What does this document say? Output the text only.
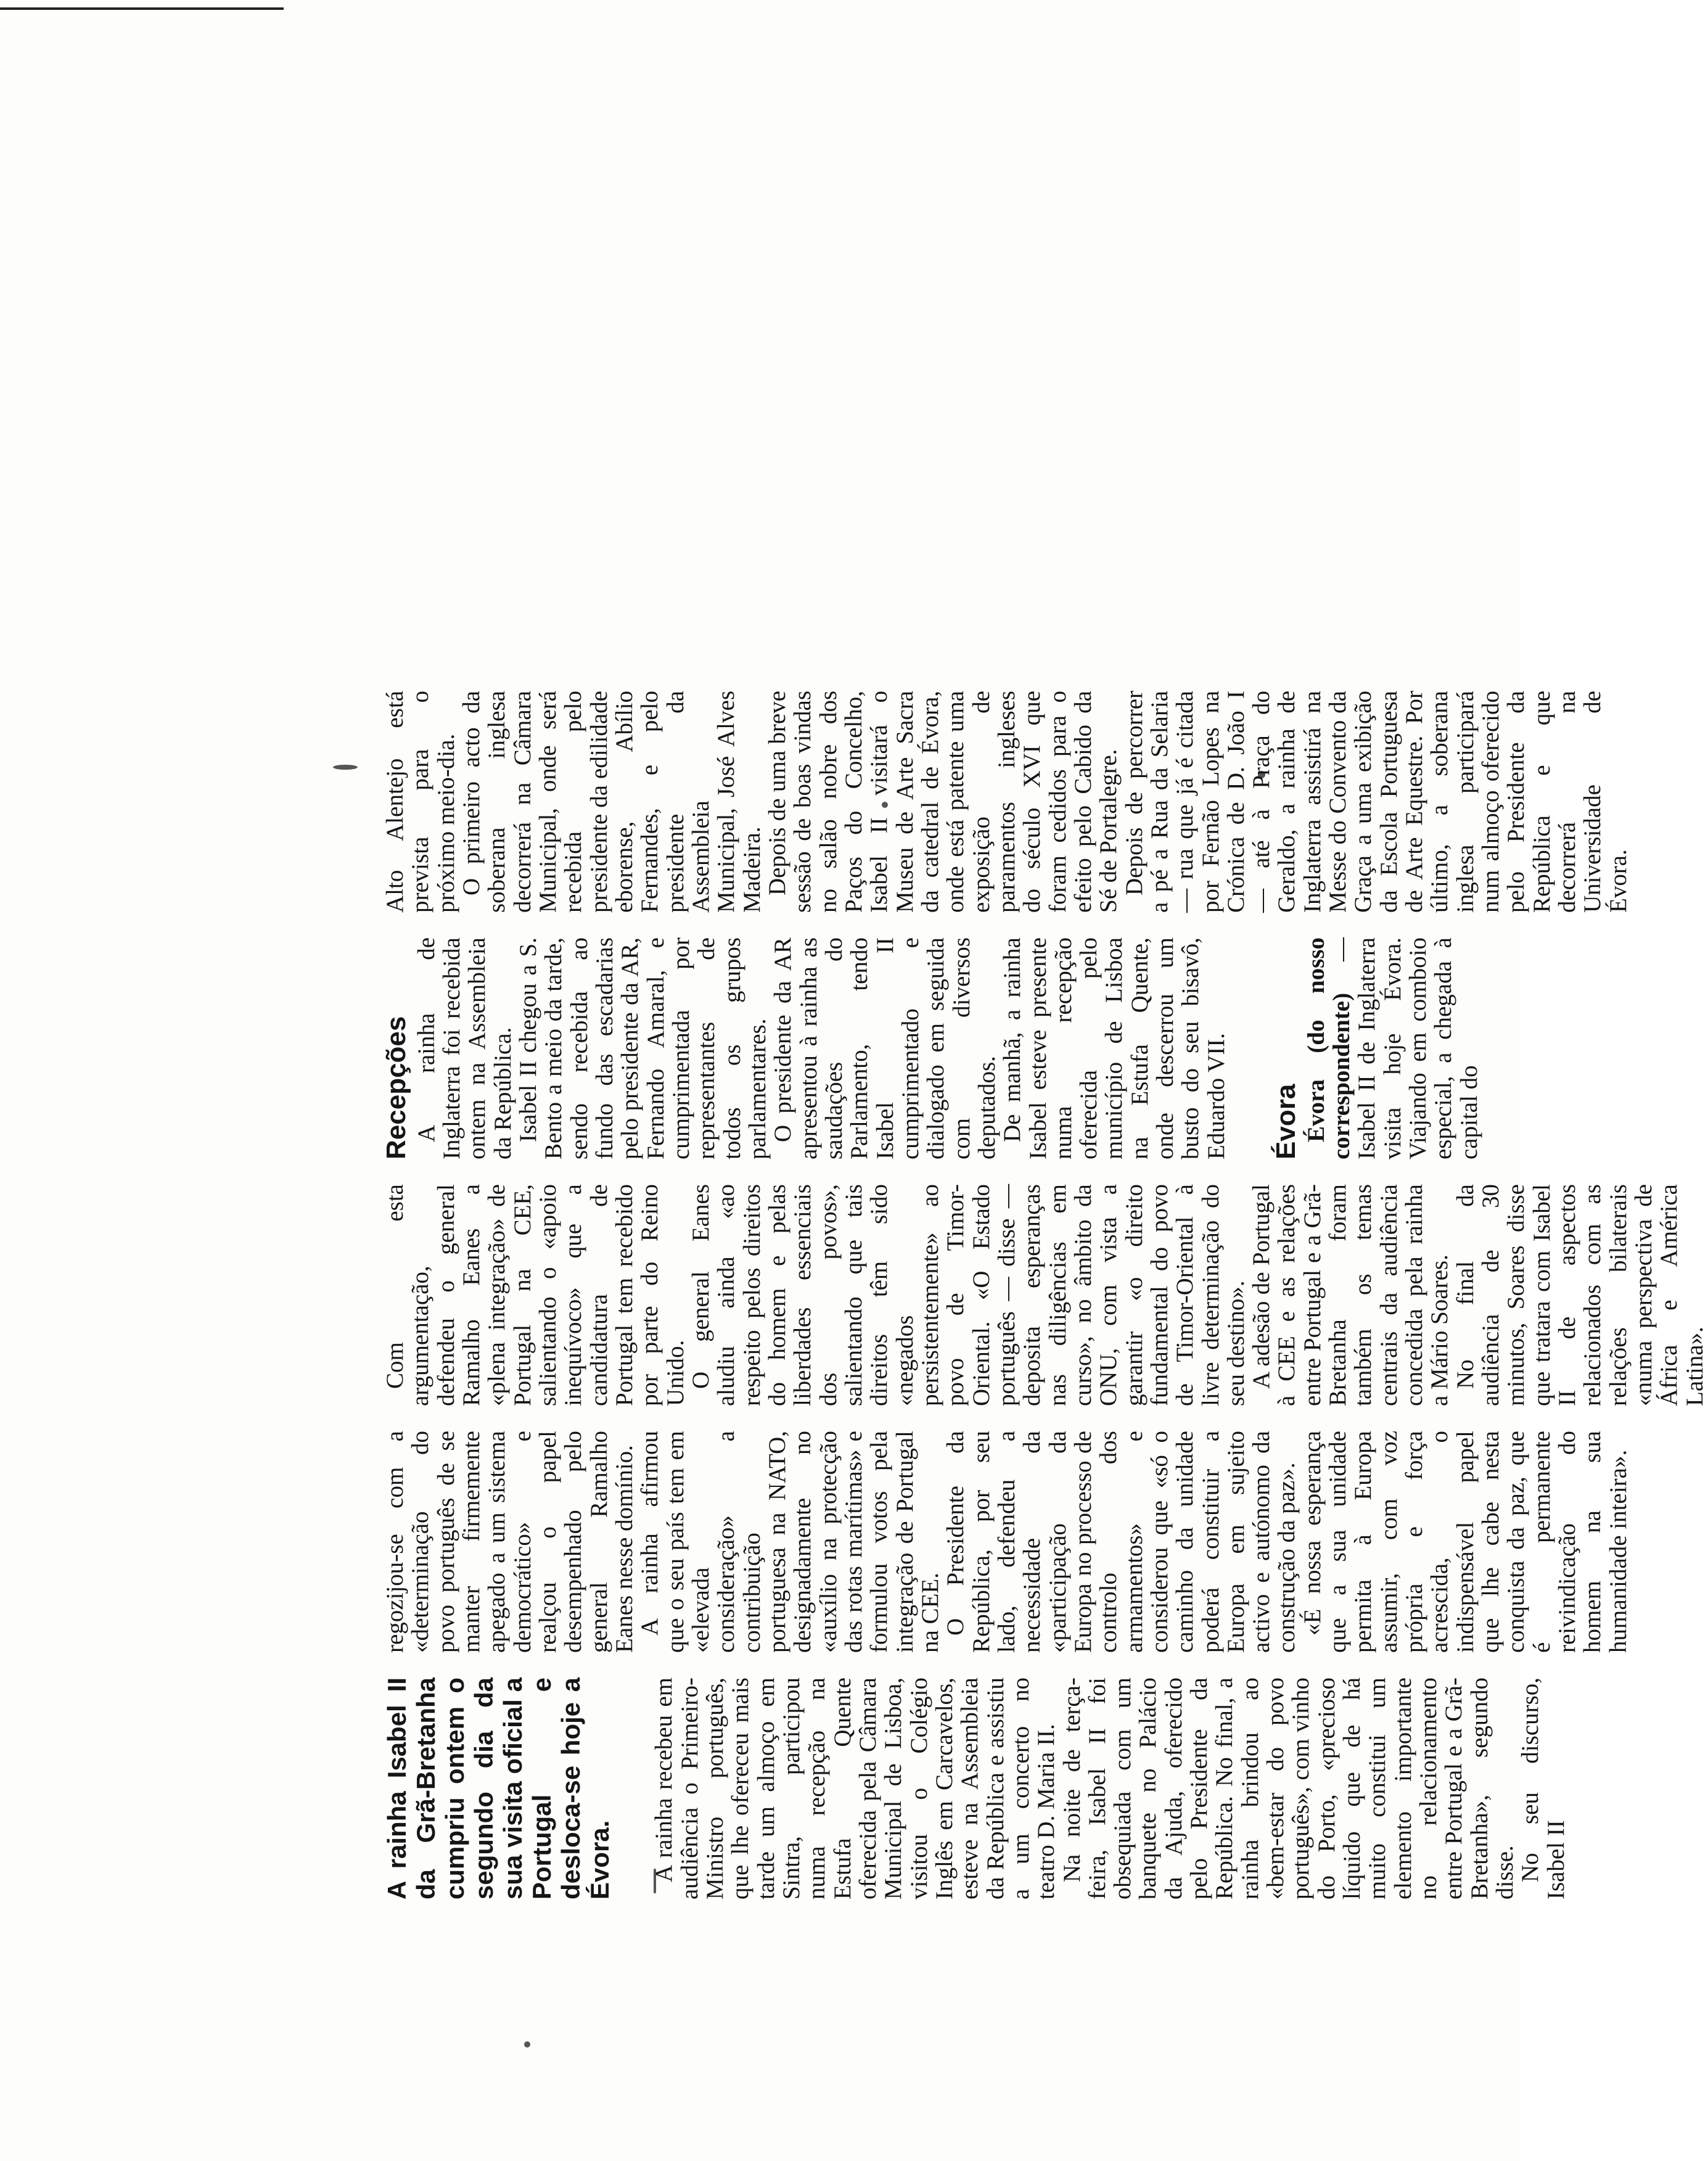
A rainha Isabel II da Grã-Bretanha cumpriu ontem o segundo dia da sua visita oficial a Portugal e desloca-se hoje a Évora. A rainha recebeu em audiência o Primeiro-Ministro português, que lhe ofereceu mais tarde um almoço em Sintra, participou numa recepção na Estufa Quente oferecida pela Câmara Municipal de Lisboa, visitou o Colégio Inglês em Carcavelos, esteve na Assembleia da República e assistiu a um concerto no teatro D. Maria II.

Na noite de terça-feira, Isabel II foi obsequiada com um banquete no Palácio da Ajuda, oferecido pelo Presidente da República. No final, a rainha brindou ao «bem-estar do povo português», com vinho do Porto, «precioso líquido que de há muito constitui um elemento importante no relacionamento entre Portugal e a Grã-Bretanha», segundo disse.

No seu discurso, Isabel II

regozijou-se com a «determinação do povo português de se manter firmemente apegado a um sistema democrático» e realçou o papel desempenhado pelo general Ramalho Eanes nesse domínio.

A rainha afirmou que o seu país tem em «elevada consideração» a contribuição portuguesa na NATO, designadamente no «auxílio na protecção das rotas marítimas» e formulou votos pela integração de Portugal na CEE.

O Presidente da República, por seu lado, defendeu a necessidade da «participação da Europa no processo de controlo dos armamentos» e considerou que «só o caminho da unidade poderá constituir a Europa em sujeito activo e autónomo da construção da paz».

«É nossa esperança que a sua unidade permita à Europa assumir, com voz própria e força acrescida, o indispensável papel que lhe cabe nesta conquista da paz, que é permanente reivindicação do homem na sua humanidade inteira».

Com esta argumentação, defendeu o general Ramalho Eanes a «plena integração» de Portugal na CEE, salientando o «apoio inequívoco» que a candidatura de Portugal tem recebido por parte do Reino Unido.

O general Eanes aludiu ainda «ao respeito pelos direitos do homem e pelas liberdades essenciais dos povos», salientando que tais direitos têm sido «negados persistentemente» ao povo de Timor-Oriental. «O Estado português — disse — depositа esperanças nas diligências em curso», no âmbito da ONU, com vista a garantir «o direito fundamental do povo de Timor-Oriental à livre determinação do seu destino».

A adesão de Portugal à CEE e as relações entre Portugal e a Grã-Bretanha foram também os temas centrais da audiência concedida pela rainha a Mário Soares.

No final da audiência de 30 minutos, Soares disse que tratara com Isabel II de aspectos relacionados com as relações bilaterais «numa perspectiva de África e América Latina».

Recepções A rainha de Inglaterra foi recebida ontem na Assembleia da República.

Isabel II chegou a S. Bento a meio da tarde, sendo recebida ao fundo das escadarias pelo presidente da AR, Fernando Amaral, e cumprimentada por representantes de todos os grupos parlamentares.

O presidente da AR apresentou à rainha as saudações do Parlamento, tendo Isabel II cumprimentado e dialogado em seguida com diversos deputados.

De manhã, a rainha Isabel esteve presente numa recepção oferecida pelo município de Lisboa na Estufa Quente, onde descerrou um busto do seu bisavô, Eduardo VII. Évora Évora (do nosso correspondente) — Isabel II de Inglaterra visita hoje Évora. Viajando em comboio especial, a chegada à capital do

Alto Alentejo está prevista para o próximo meio-dia.

O primeiro acto da soberana inglesa decorrerá na Câmara Municipal, onde será recebida pelo presidente da edilidade eborense, Abílio Fernandes, e pelo presidente da Assembleia Municipal, José Alves Madeira.

Depois de uma breve sessão de boas vindas no salão nobre dos Paços do Concelho, Isabel II visitará o Museu de Arte Sacra da catedral de Évora, onde está patente uma exposição de paramentos ingleses do século XVI que foram cedidos para o efeito pelo Cabido da Sé de Portalegre.

Depois de percorrer a pé a Rua da Selaria — rua que já é citada por Fernão Lopes na Crónica de D. João I — até à Praça do Geraldo, a rainha de Inglaterra assistirá na Messe do Convento da Graça a uma exibição da Escola Portuguesa de Arte Equestre. Por último, a soberana inglesa participará num almoço oferecido pelo Presidente da República e que decorrerá na Universidade de Évora.
